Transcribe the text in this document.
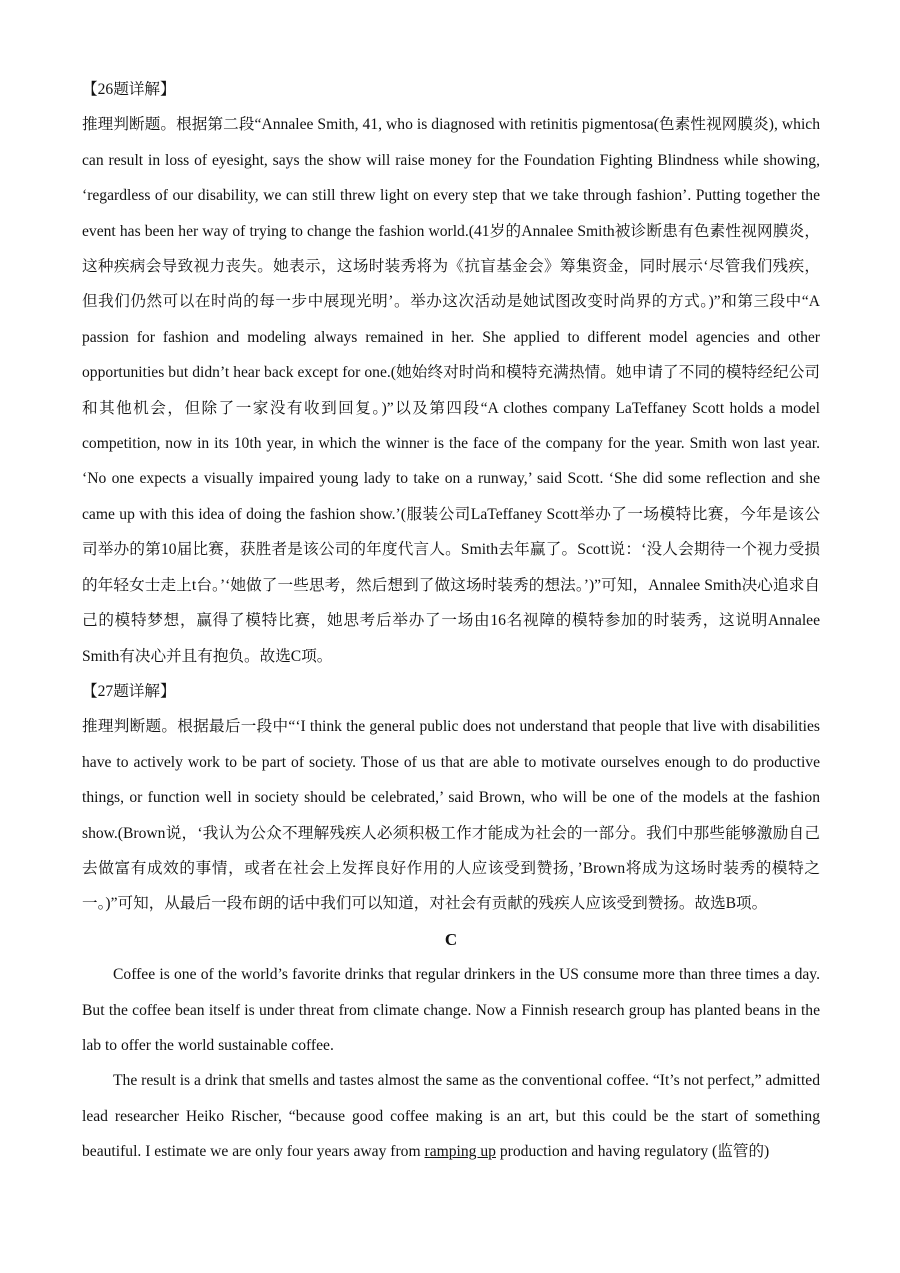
【26题详解】

推理判断题。根据第二段“Annalee Smith, 41, who is diagnosed with retinitis pigmentosa(色素性视网膜炎), which can result in loss of eyesight, says the show will raise money for the Foundation Fighting Blindness while showing, ‘regardless of our disability, we can still threw light on every step that we take through fashion’. Putting together the event has been her way of trying to change the fashion world.(41岁的Annalee Smith被诊断患有色素性视网膜炎，这种疾病会导致视力丧失。她表示，这场时装秀将为《抗盲基金会》筹集资金，同时展示‘尽管我们残疾，但我们仍然可以在时尚的每一步中展现光明’。举办这次活动是她试图改变时尚界的方式。)”和第三段中“A passion for fashion and modeling always remained in her. She applied to different model agencies and other opportunities but didn’t hear back except for one.(她始终对时尚和模特充满热情。她申请了不同的模特经纪公司和其他机会，但除了一家没有收到回复。)”以及第四段“A clothes company LaTeffaney Scott holds a model competition, now in its 10th year, in which the winner is the face of the company for the year. Smith won last year. ‘No one expects a visually impaired young lady to take on a runway,’ said Scott. ‘She did some reflection and she came up with this idea of doing the fashion show.’(服装公司LaTeffaney Scott举办了一场模特比赛，今年是该公司举办的第10届比赛，获胜者是该公司的年度代言人。Smith去年赢了。Scott说：‘没人会期待一个视力受损的年轻女士走上t台。’‘她做了一些思考，然后想到了做这场时装秀的想法。’)”可知，Annalee Smith决心追求自己的模特梦想，赢得了模特比赛，她思考后举办了一场由16名视障的模特参加的时装秀，这说明Annalee Smith有决心并且有抱负。故选C项。

【27题详解】

推理判断题。根据最后一段中“‘I think the general public does not understand that people that live with disabilities have to actively work to be part of society. Those of us that are able to motivate ourselves enough to do productive things, or function well in society should be celebrated,’ said Brown, who will be one of the models at the fashion show.(Brown说，‘我认为公众不理解残疾人必须积极工作才能成为社会的一部分。我们中那些能够激励自己去做富有成效的事情，或者在社会上发挥良好作用的人应该受到赞扬，’Brown将成为这场时装秀的模特之一。)”可知，从最后一段布朗的话中我们可以知道，对社会有贡献的残疾人应该受到赞扬。故选B项。

C

Coffee is one of the world’s favorite drinks that regular drinkers in the US consume more than three times a day. But the coffee bean itself is under threat from climate change. Now a Finnish research group has planted beans in the lab to offer the world sustainable coffee.

The result is a drink that smells and tastes almost the same as the conventional coffee. “It’s not perfect,” admitted lead researcher Heiko Rischer, “because good coffee making is an art, but this could be the start of something beautiful. I estimate we are only four years away from ramping up production and having regulatory (监管的)
